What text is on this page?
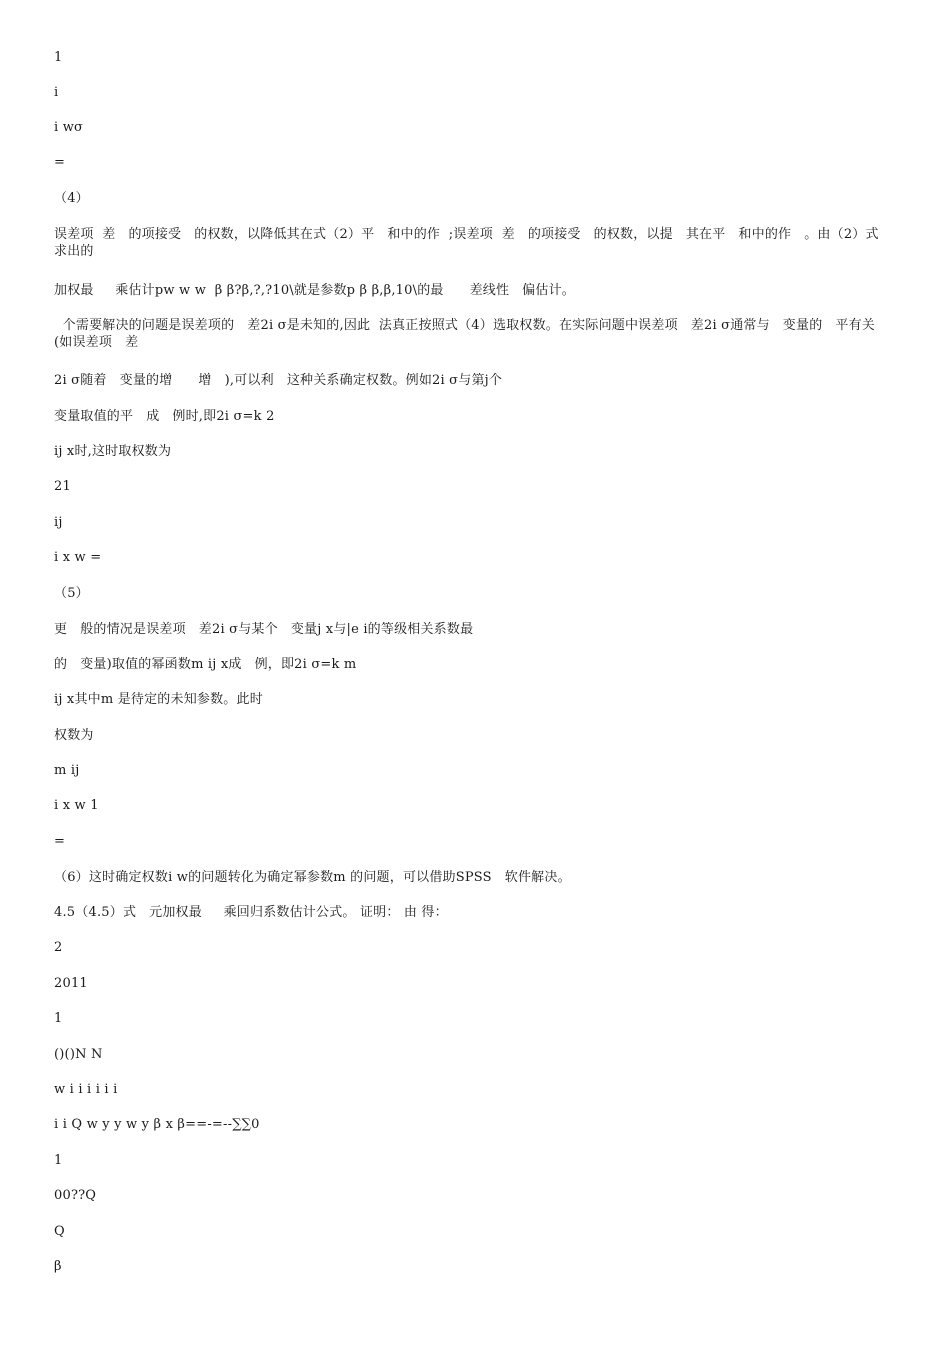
1
i
i wσ
=
（4）
误差项  差   的项接受   的权数，以降低其在式（2）平   和中的作  ;误差项  差   的项接受   的权数，以提   其在平   和中的作   。由（2）式求出的
加权最     乘估计pw w w  β β?β,?,?10\就是参数p β β,β,10\的最      差线性   偏估计。
个需要解决的问题是误差项的   差2i σ是未知的,因此  法真正按照式（4）选取权数。在实际问题中误差项   差2i σ通常与   变量的   平有关(如误差项   差
2i σ随着   变量的增      增   ),可以利   这种关系确定权数。例如2i σ与第j个
变量取值的平   成   例时,即2i σ=k 2
ij x时,这时取权数为
21
ij
i x w =
（5）
更   般的情况是误差项   差2i σ与某个   变量j x与|e i的等级相关系数最
的   变量)取值的幂函数m ij x成   例，即2i σ=k m
ij x其中m 是待定的未知参数。此时
权数为
m ij
i x w 1
=
（6）这时确定权数i w的问题转化为确定幂参数m 的问题，可以借助SPSS   软件解决。
4.5（4.5）式   元加权最     乘回归系数估计公式。 证明： 由 得：
2
2011
1
()()N N
w i i i i i i
i i Q w y y w y β x β==-=--∑∑0
1
00??Q
Q
β
